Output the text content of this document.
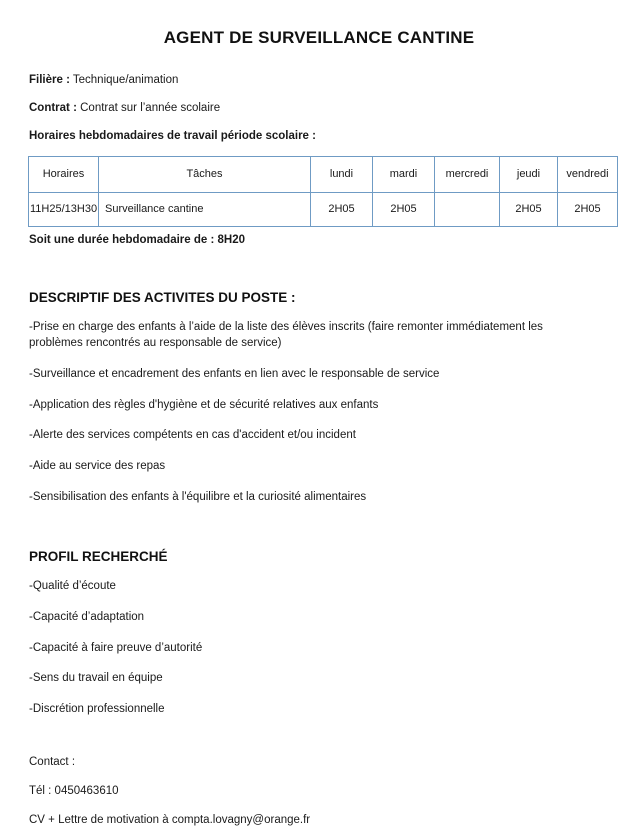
AGENT DE SURVEILLANCE CANTINE
Filière : Technique/animation
Contrat : Contrat sur l’année scolaire
Horaires hebdomadaires de travail période scolaire :
Horaires	Tâches	lundi	mardi	mercredi	jeudi	vendredi
11H25/13H30	Surveillance cantine	2H05	2H05		2H05	2H05
Soit une durée hebdomadaire de : 8H20
DESCRIPTIF DES ACTIVITES DU POSTE :
-Prise en charge des enfants à l’aide de la liste des élèves inscrits (faire remonter immédiatement les problèmes rencontrés au responsable de service)
-Surveillance et encadrement des enfants en lien avec le responsable de service
-Application des règles d'hygiène et de sécurité relatives aux enfants
-Alerte des services compétents en cas d'accident et/ou incident
-Aide au service des repas
-Sensibilisation des enfants à l'équilibre et la curiosité alimentaires
PROFIL RECHERCHÉ
-Qualité d’écoute
-Capacité d’adaptation
-Capacité à faire preuve d’autorité
-Sens du travail en équipe
-Discrétion professionnelle
Contact :
Tél : 0450463610
CV + Lettre de motivation à compta.lovagny@orange.fr
